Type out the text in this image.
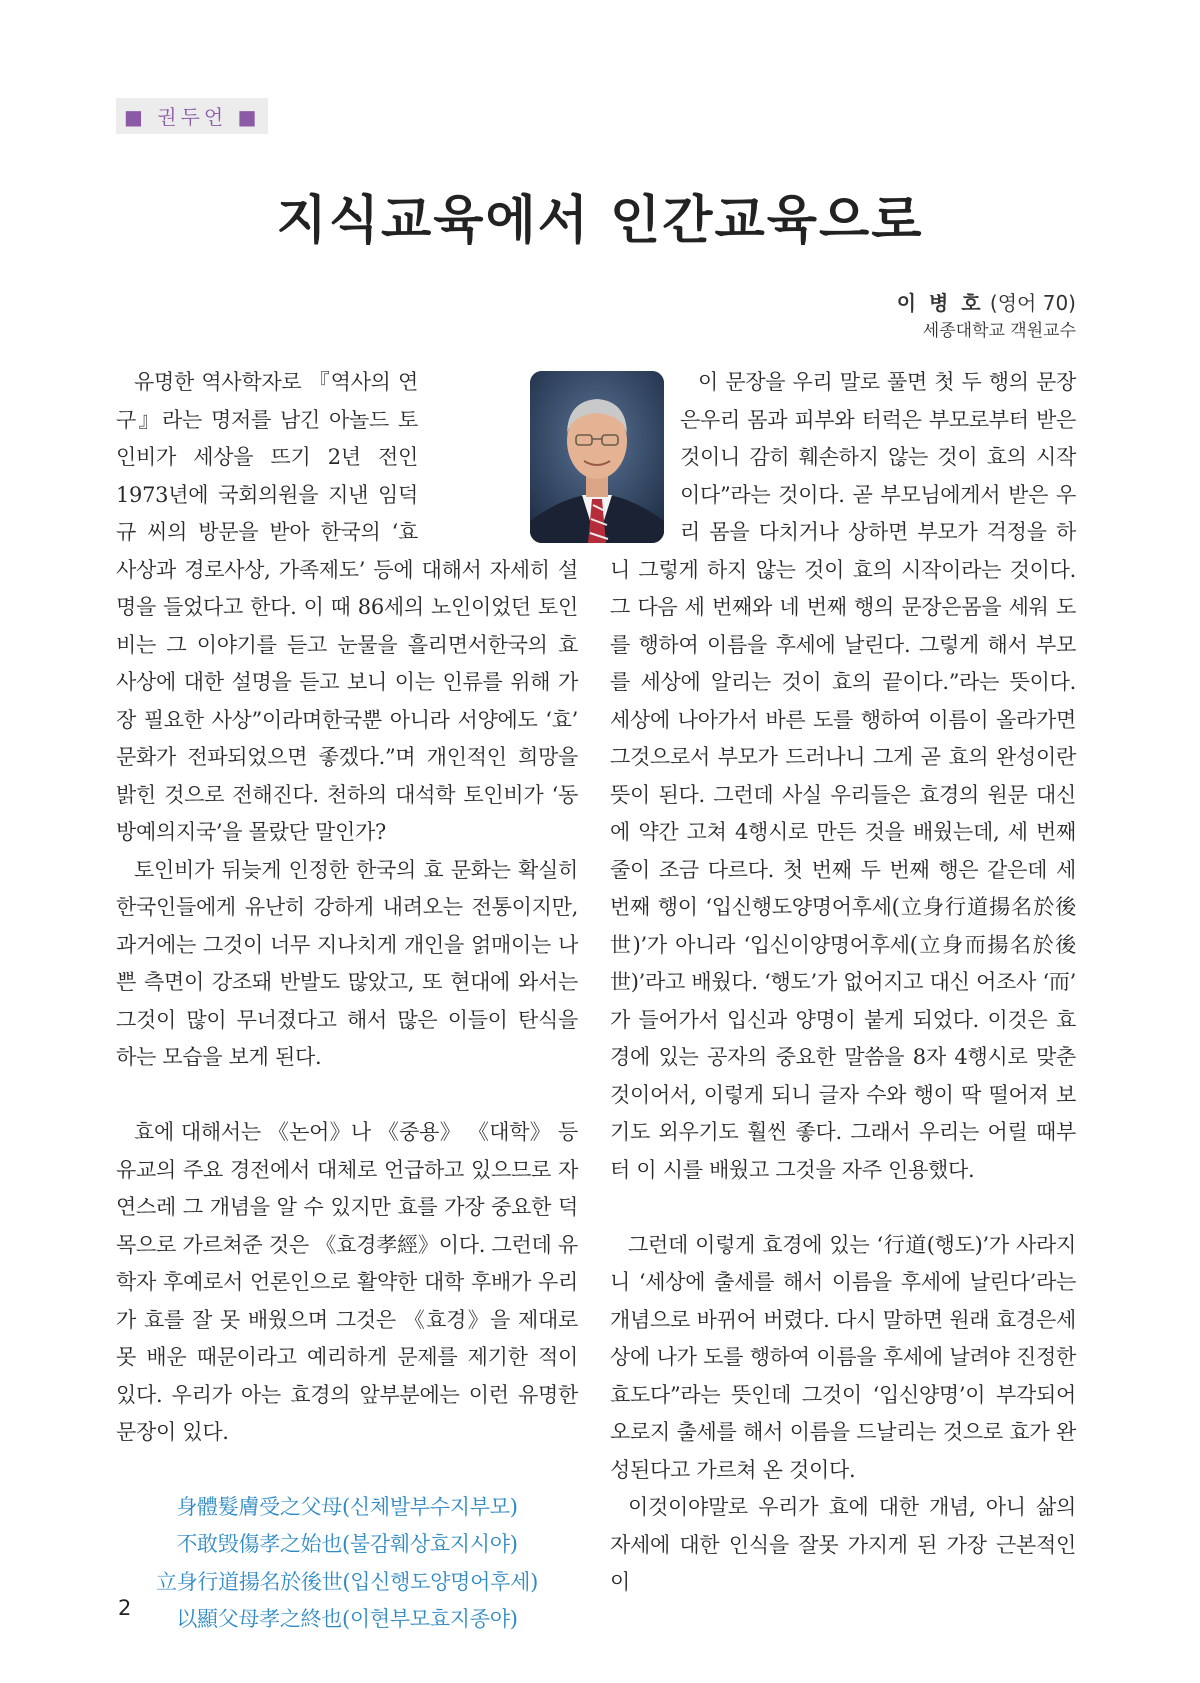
■ 권두언 ■
지식교육에서 인간교육으로
이 병 호 (영어 70)
세종대학교 객원교수

유명한 역사학자로 『역사의 연구』라는 명저를 남긴 아놀드 토인비가 세상을 뜨기 2년 전인 1973년에 국회의원을 지낸 임덕규 씨의 방문을 받아 한국의 ‘효 사상과 경로사상, 가족제도’ 등에 대해서 자세히 설명을 들었다고 한다. 이 때 86세의 노인이었던 토인비는 그 이야기를 듣고 눈물을 흘리면서한국의 효 사상에 대한 설명을 듣고 보니 이는 인류를 위해 가장 필요한 사상”이라며한국뿐 아니라 서양에도 ‘효’ 문화가 전파되었으면 좋겠다.”며 개인적인 희망을 밝힌 것으로 전해진다. 천하의 대석학 토인비가 ‘동방예의지국’을 몰랐단 말인가?

토인비가 뒤늦게 인정한 한국의 효 문화는 확실히 한국인들에게 유난히 강하게 내려오는 전통이지만, 과거에는 그것이 너무 지나치게 개인을 얽매이는 나쁜 측면이 강조돼 반발도 많았고, 또 현대에 와서는 그것이 많이 무너졌다고 해서 많은 이들이 탄식을 하는 모습을 보게 된다.

효에 대해서는 《논어》나 《중용》 《대학》 등 유교의 주요 경전에서 대체로 언급하고 있으므로 자연스레 그 개념을 알 수 있지만 효를 가장 중요한 덕목으로 가르쳐준 것은 《효경孝經》이다. 그런데 유학자 후예로서 언론인으로 활약한 대학 후배가 우리가 효를 잘 못 배웠으며 그것은 《효경》을 제대로 못 배운 때문이라고 예리하게 문제를 제기한 적이 있다. 우리가 아는 효경의 앞부분에는 이런 유명한 문장이 있다.

身體髮膚受之父母(신체발부수지부모)
不敢毁傷孝之始也(불감훼상효지시야)
立身行道揚名於後世(입신행도양명어후세)
以顯父母孝之終也(이현부모효지종야)

이 문장을 우리 말로 풀면 첫 두 행의 문장은우리 몸과 피부와 터럭은 부모로부터 받은 것이니 감히 훼손하지 않는 것이 효의 시작이다”라는 것이다. 곧 부모님에게서 받은 우리 몸을 다치거나 상하면 부모가 걱정을 하니 그렇게 하지 않는 것이 효의 시작이라는 것이다. 그 다음 세 번째와 네 번째 행의 문장은몸을 세워 도를 행하여 이름을 후세에 날린다. 그렇게 해서 부모를 세상에 알리는 것이 효의 끝이다.”라는 뜻이다. 세상에 나아가서 바른 도를 행하여 이름이 올라가면 그것으로서 부모가 드러나니 그게 곧 효의 완성이란 뜻이 된다. 그런데 사실 우리들은 효경의 원문 대신에 약간 고쳐 4행시로 만든 것을 배웠는데, 세 번째 줄이 조금 다르다. 첫 번째 두 번째 행은 같은데 세 번째 행이 ‘입신행도양명어후세(立身行道揚名於後世)’가 아니라 ‘입신이양명어후세(立身而揚名於後世)’라고 배웠다. ‘행도’가 없어지고 대신 어조사 ‘而’ 가 들어가서 입신과 양명이 붙게 되었다. 이것은 효경에 있는 공자의 중요한 말씀을 8자 4행시로 맞춘 것이어서, 이렇게 되니 글자 수와 행이 딱 떨어져 보기도 외우기도 훨씬 좋다. 그래서 우리는 어릴 때부터 이 시를 배웠고 그것을 자주 인용했다.

그런데 이렇게 효경에 있는 ‘行道(행도)’가 사라지니 ‘세상에 출세를 해서 이름을 후세에 날린다’라는 개념으로 바뀌어 버렸다. 다시 말하면 원래 효경은세상에 나가 도를 행하여 이름을 후세에 날려야 진정한 효도다”라는 뜻인데 그것이 ‘입신양명’이 부각되어 오로지 출세를 해서 이름을 드날리는 것으로 효가 완성된다고 가르쳐 온 것이다.

이것이야말로 우리가 효에 대한 개념, 아니 삶의 자세에 대한 인식을 잘못 가지게 된 가장 근본적인 이

2
